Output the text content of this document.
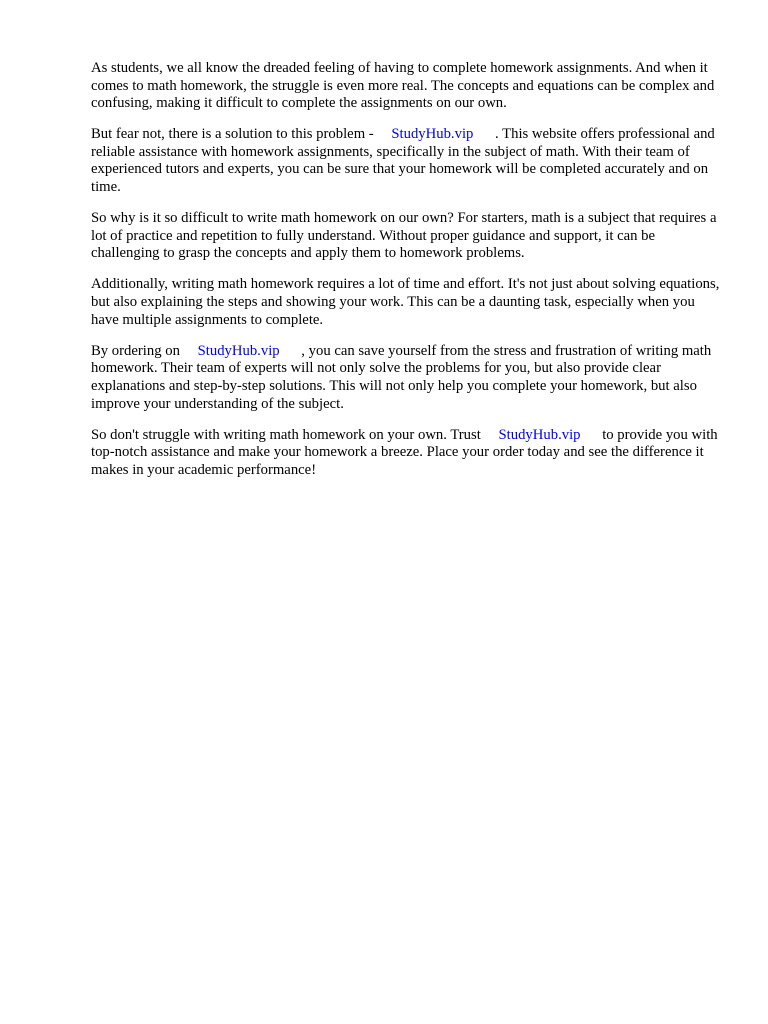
As students, we all know the dreaded feeling of having to complete homework assignments. And when it comes to math homework, the struggle is even more real. The concepts and equations can be complex and confusing, making it difficult to complete the assignments on our own.

But fear not, there is a solution to this problem - StudyHub.vip . This website offers professional and reliable assistance with homework assignments, specifically in the subject of math. With their team of experienced tutors and experts, you can be sure that your homework will be completed accurately and on time.

So why is it so difficult to write math homework on our own? For starters, math is a subject that requires a lot of practice and repetition to fully understand. Without proper guidance and support, it can be challenging to grasp the concepts and apply them to homework problems.

Additionally, writing math homework requires a lot of time and effort. It's not just about solving equations, but also explaining the steps and showing your work. This can be a daunting task, especially when you have multiple assignments to complete.

By ordering on StudyHub.vip , you can save yourself from the stress and frustration of writing math homework. Their team of experts will not only solve the problems for you, but also provide clear explanations and step-by-step solutions. This will not only help you complete your homework, but also improve your understanding of the subject.

So don't struggle with writing math homework on your own. Trust StudyHub.vip to provide you with top-notch assistance and make your homework a breeze. Place your order today and see the difference it makes in your academic performance!
